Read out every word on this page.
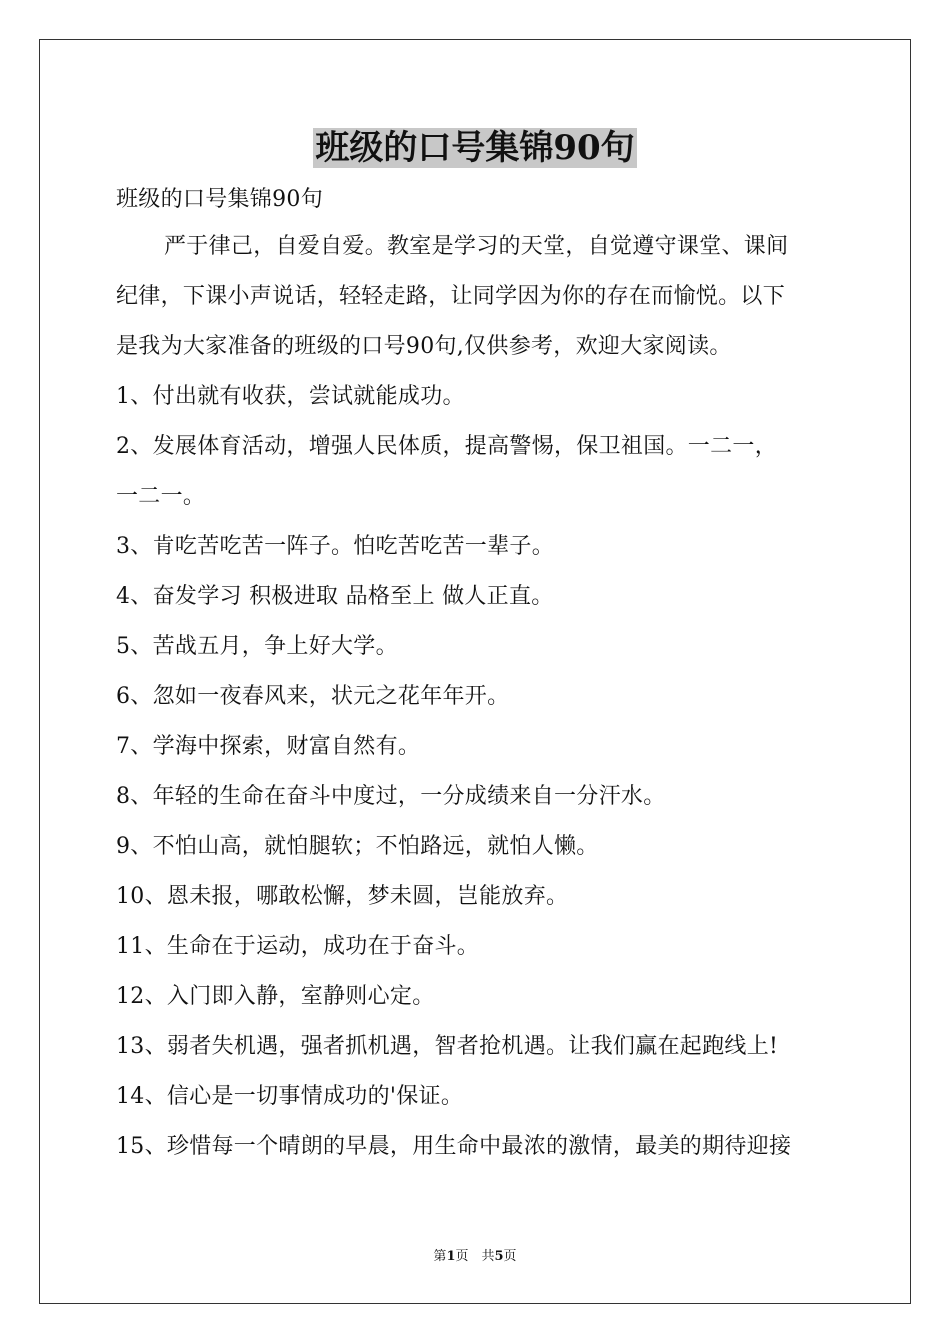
班级的口号集锦90句
班级的口号集锦90句
严于律己，自爱自爱。教室是学习的天堂，自觉遵守课堂、课间
纪律，下课小声说话，轻轻走路，让同学因为你的存在而愉悦。以下
是我为大家准备的班级的口号90句,仅供参考，欢迎大家阅读。
1、付出就有收获，尝试就能成功。
2、发展体育活动，增强人民体质，提高警惕，保卫祖国。一二一，
一二一。
3、肯吃苦吃苦一阵子。怕吃苦吃苦一辈子。
4、奋发学习 积极进取 品格至上 做人正直。
5、苦战五月，争上好大学。
6、忽如一夜春风来，状元之花年年开。
7、学海中探索，财富自然有。
8、年轻的生命在奋斗中度过，一分成绩来自一分汗水。
9、不怕山高，就怕腿软；不怕路远，就怕人懒。
10、恩未报，哪敢松懈，梦未圆，岂能放弃。
11、生命在于运动，成功在于奋斗。
12、入门即入静，室静则心定。
13、弱者失机遇，强者抓机遇，智者抢机遇。让我们赢在起跑线上!
14、信心是一切事情成功的'保证。
15、珍惜每一个晴朗的早晨，用生命中最浓的激情，最美的期待迎接
第1页　共5页
